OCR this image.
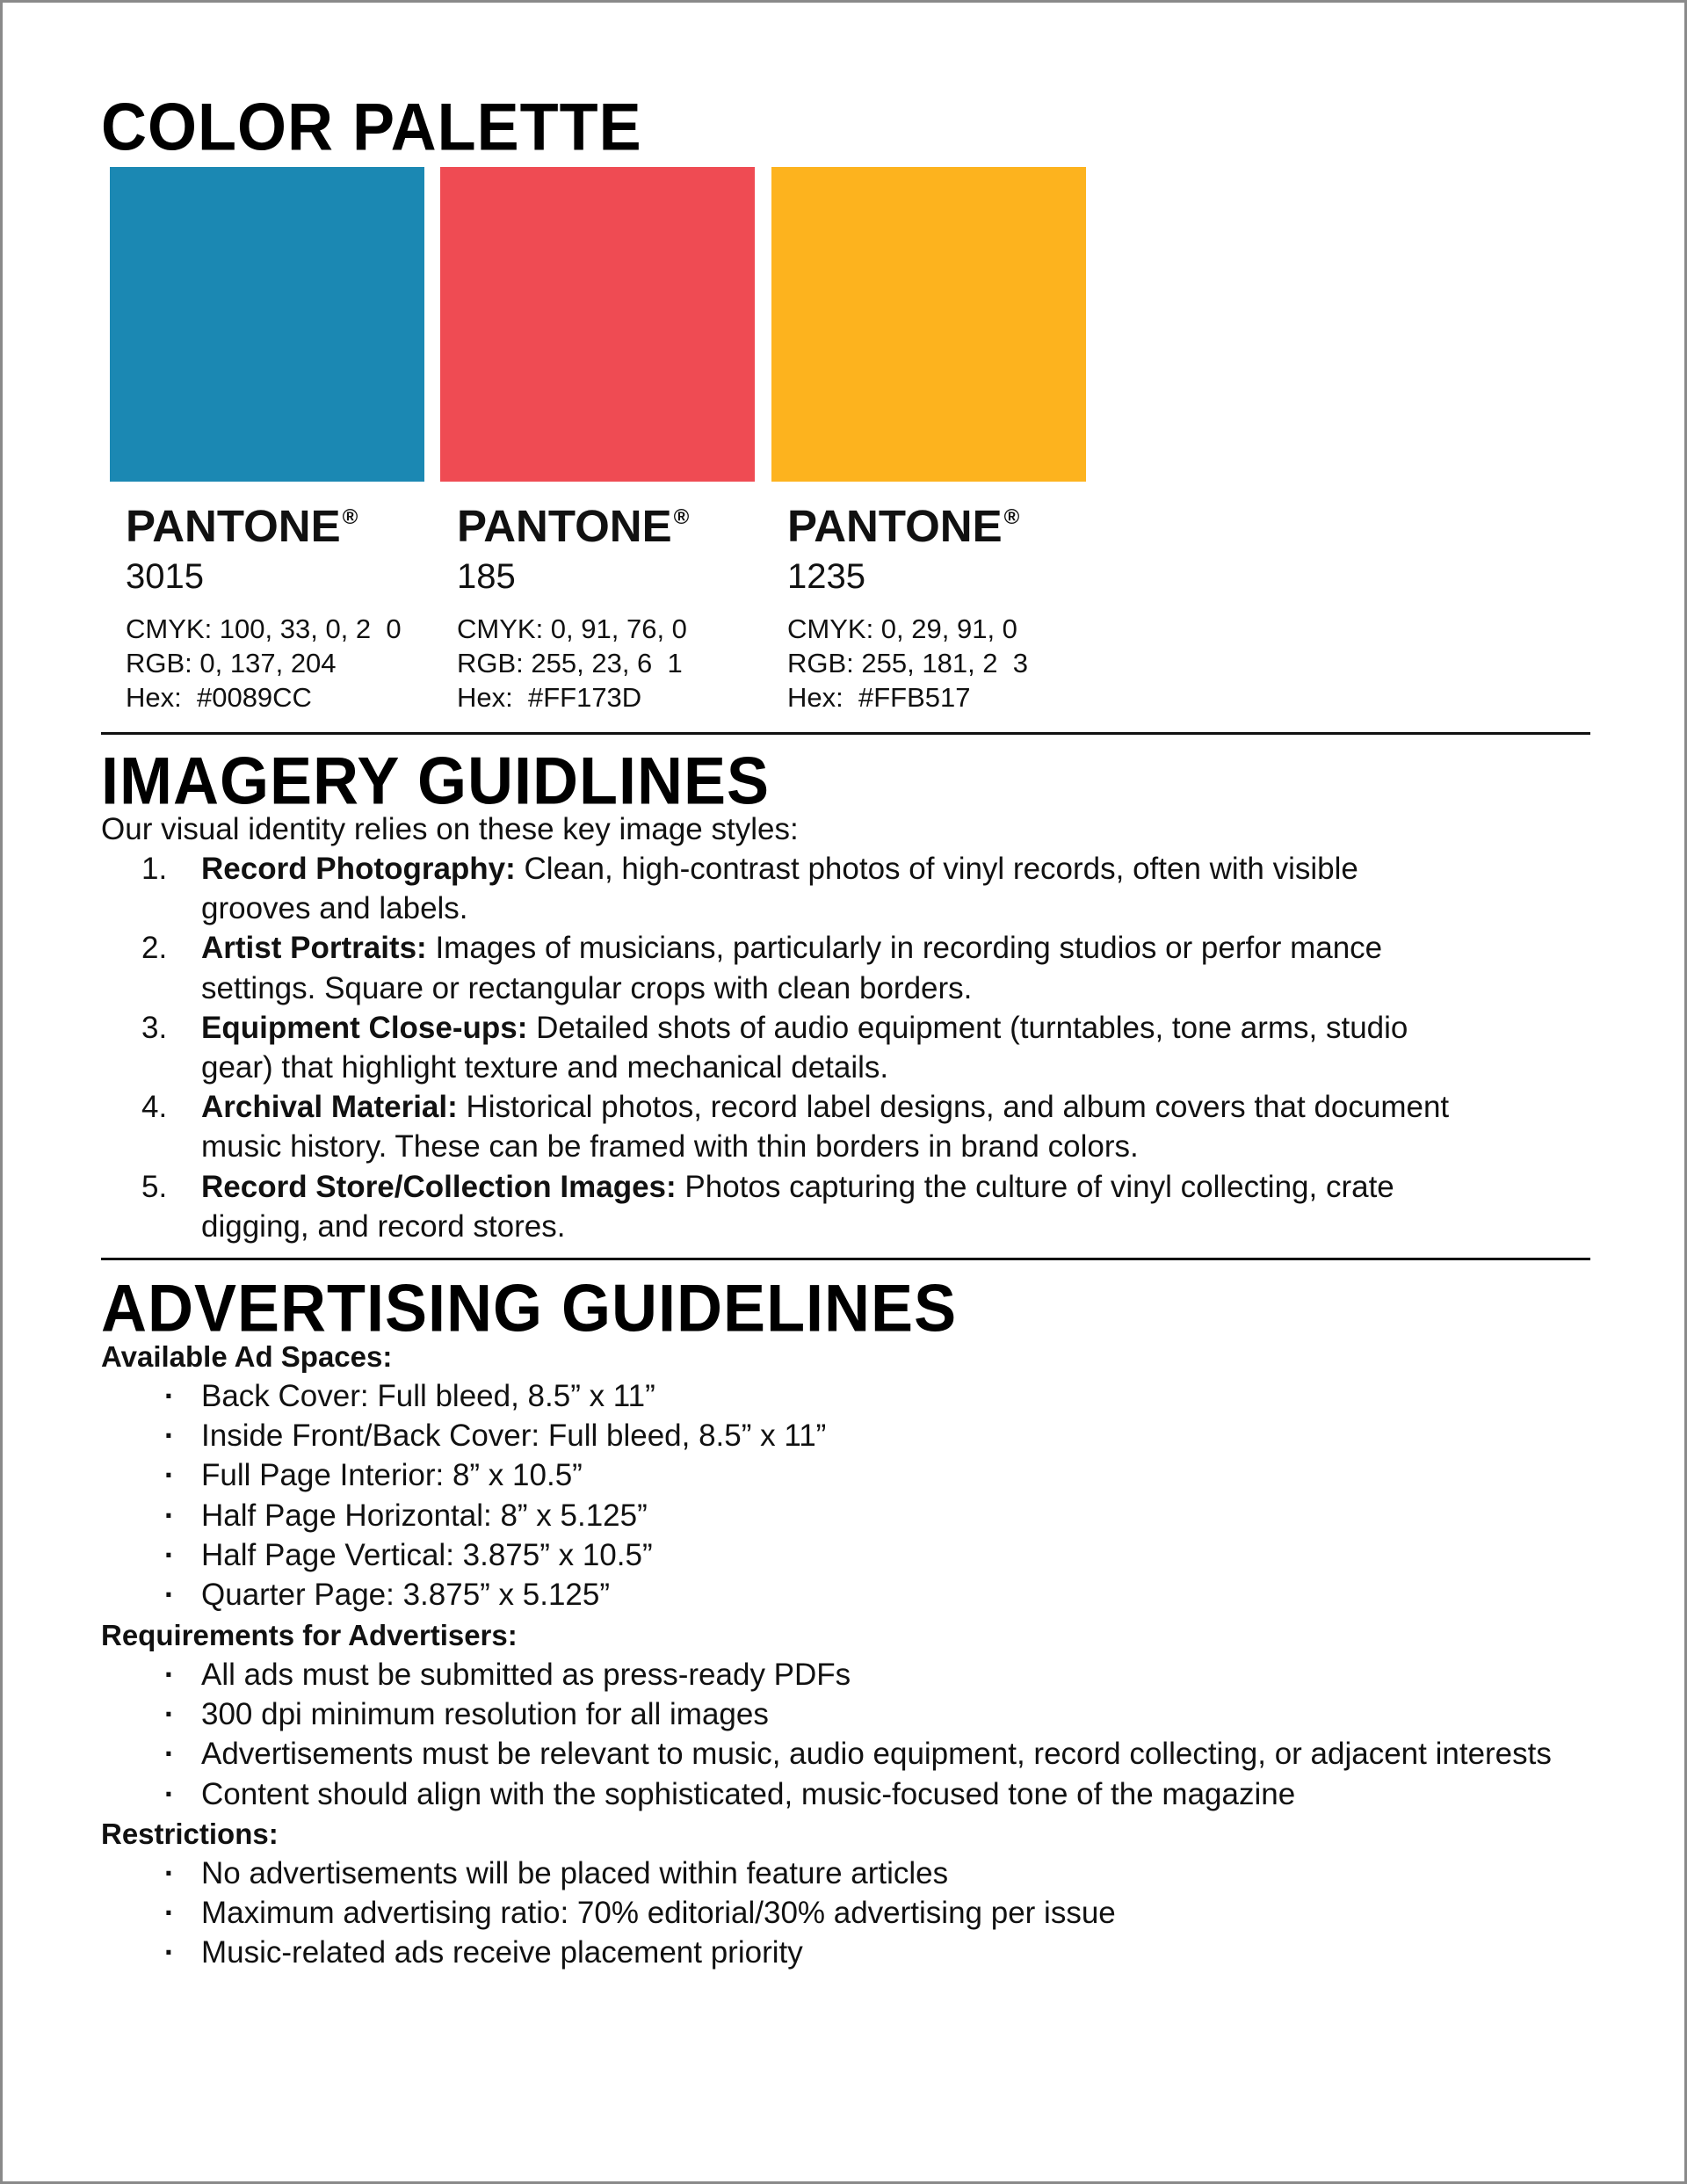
COLOR PALETTE
PANTONE®
3015
CMYK: 100, 33, 0, 2  0
RGB: 0, 137, 204
Hex:  #0089CC
PANTONE®
185
CMYK: 0, 91, 76, 0
RGB: 255, 23, 6  1
Hex:  #FF173D
PANTONE®
1235
CMYK: 0, 29, 91, 0
RGB: 255, 181, 2  3
Hex:  #FFB517
IMAGERY GUIDLINES
Our visual identity relies on these key image styles:
1. Record Photography: Clean, high-contrast photos of vinyl records, often with visible grooves and labels.
2. Artist Portraits: Images of musicians, particularly in recording studios or perfor mance settings. Square or rectangular crops with clean borders.
3. Equipment Close-ups: Detailed shots of audio equipment (turntables, tone arms, studio gear) that highlight texture and mechanical details.
4. Archival Material: Historical photos, record label designs, and album covers that document music history. These can be framed with thin borders in brand colors.
5. Record Store/Collection Images: Photos capturing the culture of vinyl collecting, crate digging, and record stores.
ADVERTISING GUIDELINES
Available Ad Spaces:
· Back Cover: Full bleed, 8.5” x 11”
· Inside Front/Back Cover: Full bleed, 8.5” x 11”
· Full Page Interior: 8” x 10.5”
· Half Page Horizontal: 8” x 5.125”
· Half Page Vertical: 3.875” x 10.5”
· Quarter Page: 3.875” x 5.125”
Requirements for Advertisers:
· All ads must be submitted as press-ready PDFs
· 300 dpi minimum resolution for all images
· Advertisements must be relevant to music, audio equipment, record collecting, or adjacent interests
· Content should align with the sophisticated, music-focused tone of the magazine
Restrictions:
· No advertisements will be placed within feature articles
· Maximum advertising ratio: 70% editorial/30% advertising per issue
· Music-related ads receive placement priority
